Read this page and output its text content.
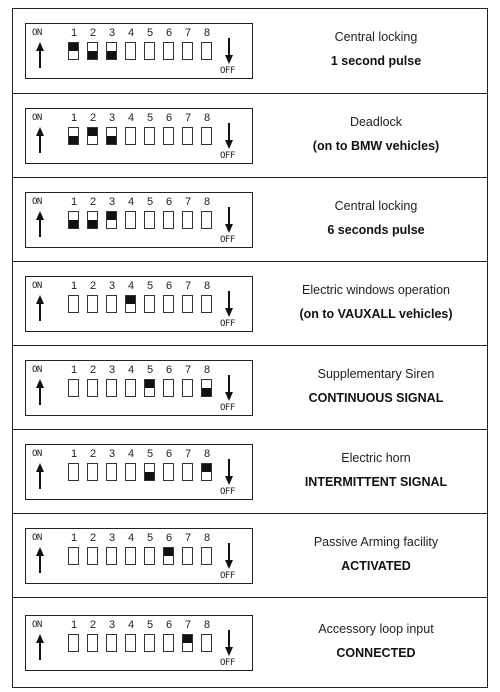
ON	1	2	3	4	5	6	7	8
OFF
Central locking
1 second pulse
ON	1	2	3	4	5	6	7	8
OFF
Deadlock
(on to BMW vehicles)
ON	1	2	3	4	5	6	7	8
OFF
Central locking
6 seconds pulse
ON	1	2	3	4	5	6	7	8
OFF
Electric windows operation
(on to VAUXALL vehicles)
ON	1	2	3	4	5	6	7	8
OFF
Supplementary Siren
CONTINUOUS SIGNAL
ON	1	2	3	4	5	6	7	8
OFF
Electric horn
INTERMITTENT SIGNAL
ON	1	2	3	4	5	6	7	8
OFF
Passive Arming facility
ACTIVATED
ON	1	2	3	4	5	6	7	8
OFF
Accessory loop input
CONNECTED
